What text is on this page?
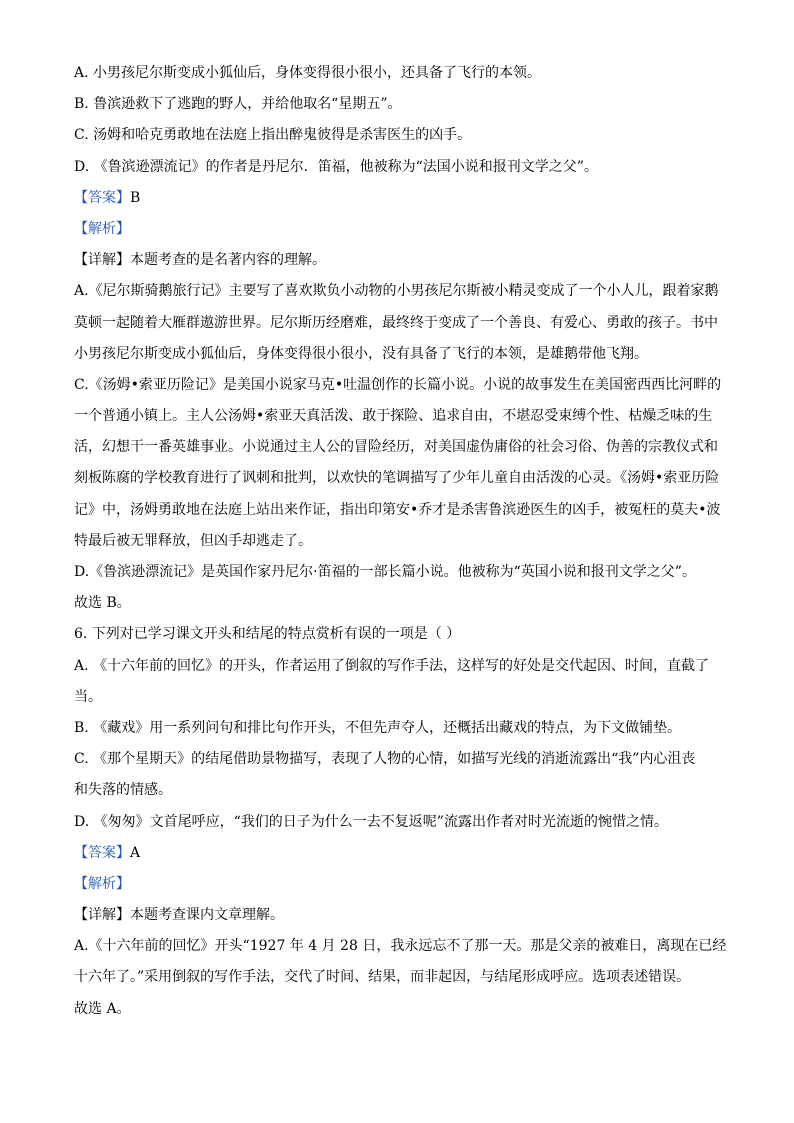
A. 小男孩尼尔斯变成小狐仙后，身体变得很小很小，还具备了飞行的本领。
B. 鲁滨逊救下了逃跑的野人，并给他取名“星期五”。
C. 汤姆和哈克勇敢地在法庭上指出醉鬼彼得是杀害医生的凶手。
D. 《鲁滨逊漂流记》的作者是丹尼尔．笛福，他被称为“法国小说和报刊文学之父”。
【答案】B
【解析】
【详解】本题考查的是名著内容的理解。
A.《尼尔斯骑鹅旅行记》主要写了喜欢欺负小动物的小男孩尼尔斯被小精灵变成了一个小人儿，跟着家鹅
莫顿一起随着大雁群遨游世界。尼尔斯历经磨难，最终终于变成了一个善良、有爱心、勇敢的孩子。书中
小男孩尼尔斯变成小狐仙后，身体变得很小很小，没有具备了飞行的本领，是雄鹅带他飞翔。
C.《汤姆•索亚历险记》是美国小说家马克•吐温创作的长篇小说。小说的故事发生在美国密西西比河畔的
一个普通小镇上。主人公汤姆•索亚天真活泼、敢于探险、追求自由，不堪忍受束缚个性、枯燥乏味的生
活，幻想干一番英雄事业。小说通过主人公的冒险经历，对美国虚伪庸俗的社会习俗、伪善的宗教仪式和
刻板陈腐的学校教育进行了讽刺和批判，以欢快的笔调描写了少年儿童自由活泼的心灵。《汤姆•索亚历险
记》中，汤姆勇敢地在法庭上站出来作证，指出印第安•乔才是杀害鲁滨逊医生的凶手，被冤枉的莫夫•波
特最后被无罪释放，但凶手却逃走了。
D.《鲁滨逊漂流记》是英国作家丹尼尔·笛福的一部长篇小说。他被称为“英国小说和报刊文学之父”。
故选 B。
6. 下列对已学习课文开头和结尾的特点赏析有误的一项是（ ）
A. 《十六年前的回忆》的开头，作者运用了倒叙的写作手法，这样写的好处是交代起因、时间，直截了
当。
B. 《藏戏》用一系列问句和排比句作开头，不但先声夺人，还概括出藏戏的特点，为下文做铺垫。
C. 《那个星期天》的结尾借助景物描写，表现了人物的心情，如描写光线的消逝流露出“我”内心沮丧
和失落的情感。
D. 《匆匆》文首尾呼应，“我们的日子为什么一去不复返呢”流露出作者对时光流逝的惋惜之情。
【答案】A
【解析】
【详解】本题考查课内文章理解。
A.《十六年前的回忆》开头“1927 年 4 月 28 日，我永远忘不了那一天。那是父亲的被难日，离现在已经
十六年了。”采用倒叙的写作手法，交代了时间、结果，而非起因，与结尾形成呼应。选项表述错误。
故选 A。
